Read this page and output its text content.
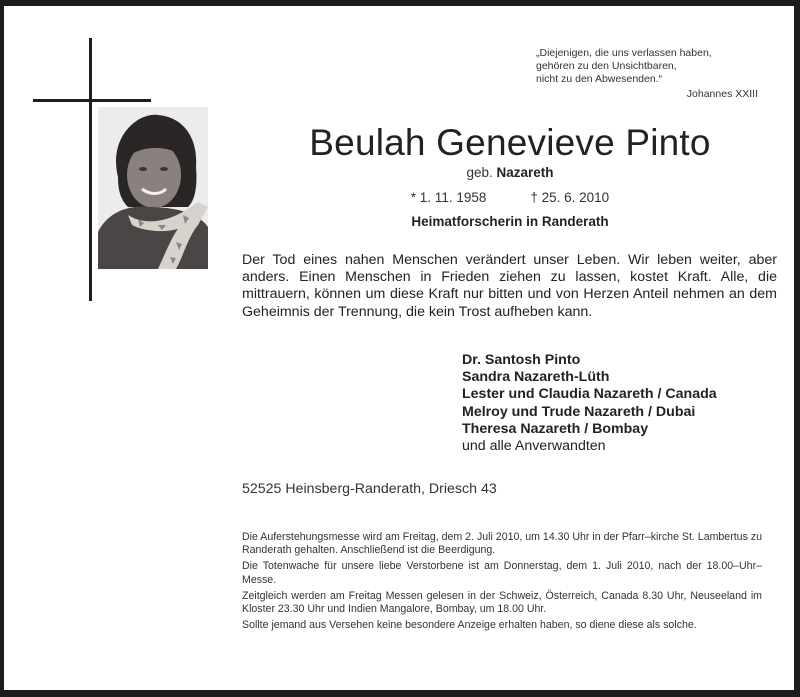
„Diejenigen, die uns verlassen haben,
gehören zu den Unsichtbaren,
nicht zu den Abwesenden.“
Johannes XXIII
Beulah Genevieve Pinto
geb. Nazareth
* 1. 11. 1958	† 25. 6. 2010
Heimatforscherin in Randerath
Der Tod eines nahen Menschen verändert unser Leben. Wir leben weiter, aber anders. Einen Menschen in Frieden ziehen zu lassen, kostet Kraft. Alle, die mittrauern, können um diese Kraft nur bitten und von Herzen Anteil nehmen an dem Geheimnis der Trennung, die kein Trost aufheben kann.
Dr. Santosh Pinto
Sandra Nazareth-Lüth
Lester und Claudia Nazareth / Canada
Melroy und Trude Nazareth / Dubai
Theresa Nazareth / Bombay
und alle Anverwandten
52525 Heinsberg-Randerath, Driesch 43

Die Auferstehungsmesse wird am Freitag, dem 2. Juli 2010, um 14.30 Uhr in der Pfarr–kirche St. Lambertus zu Randerath gehalten. Anschließend ist die Beerdigung.

Die Totenwache für unsere liebe Verstorbene ist am Donnerstag, dem 1. Juli 2010, nach der 18.00–Uhr–Messe.

Zeitgleich werden am Freitag Messen gelesen in der Schweiz, Österreich, Canada 8.30 Uhr, Neuseeland im Kloster 23.30 Uhr und Indien Mangalore, Bombay, um 18.00 Uhr.

Sollte jemand aus Versehen keine besondere Anzeige erhalten haben, so diene diese als solche.
